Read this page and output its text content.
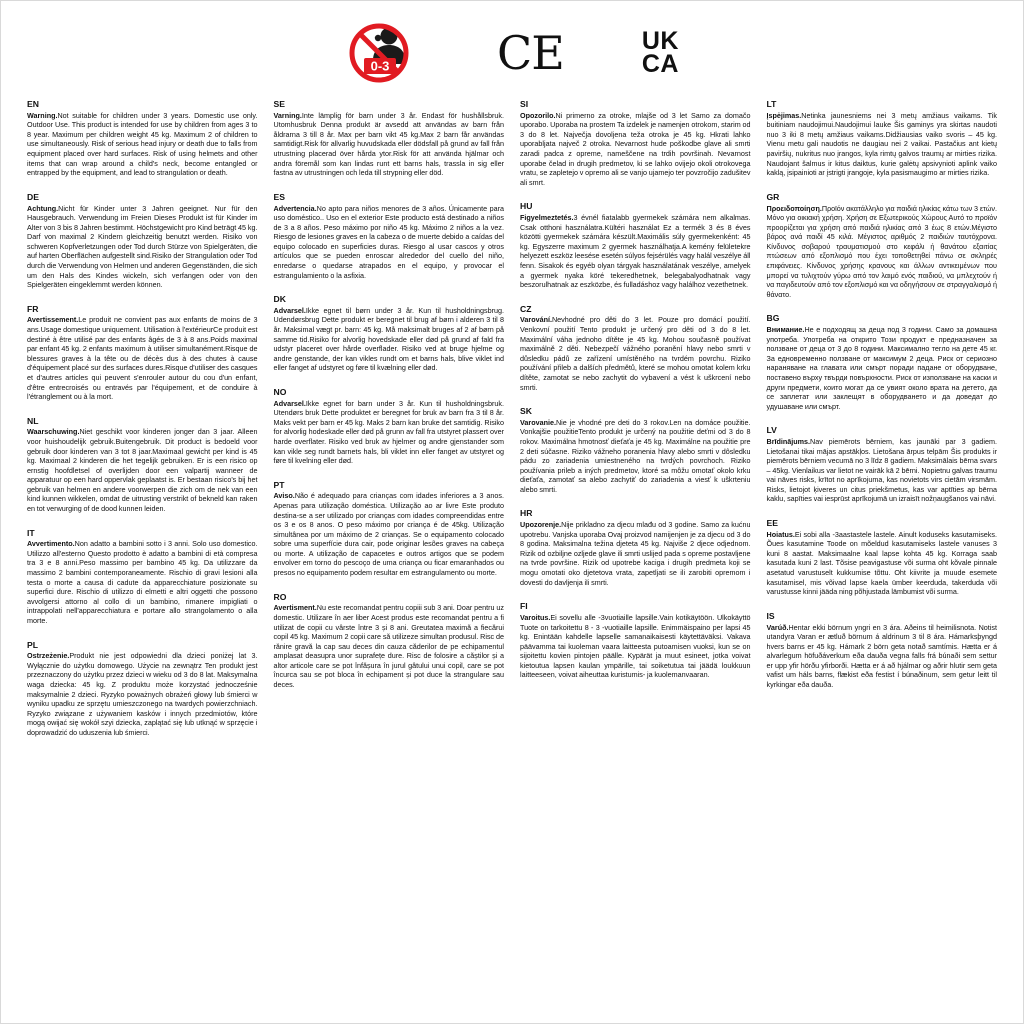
0-3 CE	UK
CA
EN

Warning.Not suitable for children under 3 years. Domestic use only. Outdoor Use. This product is intended for use by children from ages 3 to 8 year. Maximum per children weight 45 kg. Maximum 2 of children to use simultaneously. Risk of serious head injury or death due to falls from equipment placed over hard surfaces. Risk of using helmets and other items that can wrap around a child's neck, become entangled or entrapped by the equipment, and lead to strangulation or death.

DE

Achtung.Nicht für Kinder unter 3 Jahren geeignet. Nur für den Hausgebrauch. Verwendung im Freien Dieses Produkt ist für Kinder im Alter von 3 bis 8 Jahren bestimmt. Höchstgewicht pro Kind beträgt 45 kg. Darf von maximal 2 Kindern gleichzeitig benutzt werden. Risiko von schweren Kopfverletzungen oder Tod durch Stürze von Spielgeräten, die auf harten Oberflächen aufgestellt sind.Risiko der Strangulation oder Tod durch die Verwendung von Helmen und anderen Gegenständen, die sich um den Hals des Kindes wickeln, sich verfangen oder von den Spielgeräten eingeklemmt werden können.

FR

Avertissement.Le produit ne convient pas aux enfants de moins de 3 ans.Usage domestique uniquement. Utilisation à l'extérieurCe produit est destiné à être utilisé par des enfants âgés de 3 à 8 ans.Poids maximal par enfant 45 kg. 2 enfants maximum à utiliser simultanément.Risque de blessures graves à la tête ou de décès dus à des chutes à cause d'équipement placé sur des surfaces dures.Risque d'utiliser des casques et d'autres articles qui peuvent s'enrouler autour du cou d'un enfant, d'être entrecroisés ou entravés par l'équipement, et de conduire à l'étranglement ou à la mort.

NL

Waarschuwing.Niet geschikt voor kinderen jonger dan 3 jaar. Alleen voor huishoudelijk gebruik.Buitengebruik. Dit product is bedoeld voor gebruik door kinderen van 3 tot 8 jaar.Maximaal gewicht per kind is 45 kg. Maximaal 2 kinderen die het tegelijk gebruiken. Er is een risico op ernstig hoofdletsel of overlijden door een valpartij wanneer de apparatuur op een hard oppervlak geplaatst is. Er bestaan risico's bij het gebruik van helmen en andere voorwerpen die zich om de nek van een kind kunnen wikkelen, omdat de uitrusting verstrikt of bekneld kan raken en tot verwurging of de dood kunnen leiden.

IT

Avvertimento.Non adatto a bambini sotto i 3 anni. Solo uso domestico. Utilizzo all'esterno Questo prodotto è adatto a bambini di età compresa tra 3 e 8 anni.Peso massimo per bambino 45 kg. Da utilizzare da massimo 2 bambini contemporaneamente. Rischio di gravi lesioni alla testa o morte a causa di cadute da apparecchiature posizionate su superfici dure. Rischio di utilizzo di elmetti e altri oggetti che possono avvolgersi attorno al collo di un bambino, rimanere impigliati o intrappolati nell'apparecchiatura e portare allo strangolamento o alla morte.

PL

Ostrzeżenie.Produkt nie jest odpowiedni dla dzieci poniżej lat 3. Wyłącznie do użytku domowego. Użycie na zewnątrz Ten produkt jest przeznaczony do użytku przez dzieci w wieku od 3 do 8 lat. Maksymalna waga dziecka: 45 kg. Z produktu może korzystać jednocześnie maksymalnie 2 dzieci. Ryzyko poważnych obrażeń głowy lub śmierci w wyniku upadku ze sprzętu umieszczonego na twardych powierzchniach. Ryzyko związane z używaniem kasków i innych przedmiotów, które mogą owijać się wokół szyi dziecka, zaplątać się lub utknąć w sprzęcie i doprowadzić do uduszenia lub śmierci.

SE

Varning.Inte lämplig för barn under 3 år. Endast för hushållsbruk. Utomhusbruk Denna produkt är avsedd att användas av barn från åldrarna 3 till 8 år. Max per barn vikt 45 kg.Max 2 barn får användas samtidigt.Risk för allvarlig huvudskada eller dödsfall på grund av fall från utrustning placerad över hårda ytor.Risk för att använda hjälmar och andra föremål som kan lindas runt ett barns hals, trassla in sig eller fastna av utrustningen och leda till strypning eller död.

ES

Advertencia.No apto para niños menores de 3 años. Únicamente para uso doméstico.. Uso en el exterior Este producto está destinado a niños de 3 a 8 años. Peso máximo por niño 45 kg. Máximo 2 niños a la vez. Riesgo de lesiones graves en la cabeza o de muerte debido a caídas del equipo colocado en superficies duras. Riesgo al usar cascos y otros artículos que se pueden enroscar alrededor del cuello del niño, enredarse o quedarse atrapados en el equipo, y provocar el estrangulamiento o la asfixia.

DK

Advarsel.Ikke egnet til børn under 3 år. Kun til husholdningsbrug. Udendørsbrug Dette produkt er beregnet til brug af børn i alderen 3 til 8 år. Maksimal vægt pr. barn: 45 kg. Må maksimalt bruges af 2 af børn på samme tid.Risiko for alvorlig hovedskade eller død på grund af fald fra udstyr placeret over hårde overflader. Risiko ved at bruge hjelme og andre genstande, der kan vikles rundt om et barns hals, blive viklet ind eller fanget af udstyret og føre til kvælning eller død.

NO

Advarsel.Ikke egnet for barn under 3 år. Kun til husholdningsbruk. Utendørs bruk Dette produktet er beregnet for bruk av barn fra 3 til 8 år. Maks vekt per barn er 45 kg. Maks 2 barn kan bruke det samtidig. Risiko for alvorlig hodeskade eller død på grunn av fall fra utstyret plassert over harde overflater. Risiko ved bruk av hjelmer og andre gjenstander som kan vikle seg rundt barnets hals, bli viklet inn eller fanget av utstyret og føre til kvelning eller død.

PT

Aviso.Não é adequado para crianças com idades inferiores a 3 anos. Apenas para utilização doméstica. Utilização ao ar livre Este produto destina-se a ser utilizado por crianças com idades compreendidas entre os 3 e os 8 anos. O peso máximo por criança é de 45kg. Utilização simultânea por um máximo de 2 crianças. Se o equipamento colocado sobre uma superfície dura cair, pode originar lesões graves na cabeça ou morte. A utilização de capacetes e outros artigos que se podem envolver em torno do pescoço de uma criança ou ficar emaranhados ou presos no equipamento podem resultar em estrangulamento ou morte.

RO

Avertisment.Nu este recomandat pentru copiii sub 3 ani. Doar pentru uz domestic. Utilizare în aer liber Acest produs este recomandat pentru a fi utilizat de copii cu vârste între 3 și 8 ani. Greutatea maximă a fiecărui copil 45 kg. Maximum 2 copii care să utilizeze simultan produsul. Risc de rănire gravă la cap sau deces din cauza căderilor de pe echipamentul amplasat deasupra unor suprafețe dure. Risc de folosire a căștilor și a altor articole care se pot înfășura în jurul gâtului unui copil, care se pot încurca sau se pot bloca în echipament și pot duce la strangulare sau deces.

SI

Opozorilo.Ni primerno za otroke, mlajše od 3 let Samo za domačo uporabo. Uporaba na prostem Ta izdelek je namenjen otrokom, starim od 3 do 8 let. Največja dovoljena teža otroka je 45 kg. Hkrati lahko uporabljata največ 2 otroka. Nevarnost hude poškodbe glave ali smrti zaradi padca z opreme, nameščene na trdih površinah. Nevarnost uporabe čelad in drugih predmetov, ki se lahko ovijejo okoli otrokovega vratu, se zapletejo v opremo ali se vanjo ujamejo ter povzročijo zadušitev ali smrt.

HU

Figyelmeztetés.3 évnél fiatalabb gyermekek számára nem alkalmas. Csak otthoni használatra.Kültéri használat Ez a termék 3 és 8 éves közötti gyermekek számára készült.Maximális súly gyermekenként: 45 kg. Egyszerre maximum 2 gyermek használhatja.A kemény felületekre helyezett eszköz leesése esetén súlyos fejsérülés vagy halál veszélye áll fenn. Sisakok és egyéb olyan tárgyak használatának veszélye, amelyek a gyermek nyaka köré tekeredhetnek, belegabalyodhatnak vagy beszorulhatnak az eszközbe, és fulladáshoz vagy halálhoz vezethetnek.

CZ

Varování.Nevhodné pro děti do 3 let. Pouze pro domácí použití. Venkovní použití Tento produkt je určený pro děti od 3 do 8 let. Maximální váha jednoho dítěte je 45 kg. Mohou současně používat maximálně 2 děti. Nebezpečí vážného poranění hlavy nebo smrti v důsledku pádů ze zařízení umístěného na tvrdém povrchu. Riziko používání přileb a dalších předmětů, které se mohou omotat kolem krku dítěte, zamotat se nebo zachytit do vybavení a vést k uškrcení nebo smrti.

SK

Varovanie.Nie je vhodné pre deti do 3 rokov.Len na domáce použitie. Vonkajšie použitieTento produkt je určený na použitie deťmi od 3 do 8 rokov. Maximálna hmotnosť dieťaťa je 45 kg. Maximálne na použitie pre 2 deti súčasne. Riziko vážneho poranenia hlavy alebo smrti v dôsledku pádu zo zariadenia umiestneného na tvrdých povrchoch. Riziko používania prileb a iných predmetov, ktoré sa môžu omotať okolo krku dieťaťa, zamotať sa alebo zachytiť do zariadenia a viesť k uškrteniu alebo smrti.

HR

Upozorenje.Nije prikladno za djecu mlađu od 3 godine. Samo za kućnu upotrebu. Vanjska uporaba Ovaj proizvod namijenjen je za djecu od 3 do 8 godina. Maksimalna težina djeteta 45 kg. Najviše 2 djece odjednom. Rizik od ozbiljne ozljede glave ili smrti uslijed pada s opreme postavljene na tvrde površine. Rizik od upotrebe kaciga i drugih predmeta koji se mogu omotati oko djetetova vrata, zapetljati se ili zarobiti opremom i dovesti do davljenja ili smrti.

FI

Varoitus.Ei sovellu alle -3vuotiaille lapsille.Vain kotikäytöön. Ulkokäyttö Tuote on tarkoitettu 8 - 3 -vuotiaille lapsille. Enimmäispaino per lapsi 45 kg. Enintään kahdelle lapselle samanaikaisesti käytettäväksi. Vakava päävamma tai kuoleman vaara laitteesta putoamisen vuoksi, kun se on sijoitettu kovien pintojen päälle. Kypärät ja muut esineet, jotka voivat kietoutua lapsen kaulan ympärille, tai soiketutua tai jäädä loukkuun laitteeseen, voivat aiheuttaa kuristumis- ja kuolemanvaaran.

LT

Įspėjimas.Netinka jaunesniems nei 3 metų amžiaus vaikams. Tik buitiniam naudojimui.Naudojimui lauke Šis gaminys yra skirtas naudoti nuo 3 iki 8 metų amžiaus vaikams.Didžiausias vaiko svoris – 45 kg. Vienu metu gali naudotis ne daugiau nei 2 vaikai. Pastačius ant kietų paviršių, nukritus nuo įrangos, kyla rimtų galvos traumų ar mirties rizika. Naudojant šalmus ir kitus daiktus, kurie galėtų apsivynioti aplink vaiko kaklą, įsipainioti ar įstrigti įrangoje, kyla pasismaugimo ar mirties rizika.

GR

Προειδοποίηση.Προϊόν ακατάλληλο για παιδιά ηλικίας κάτω των 3 ετών. Μόνο για οικιακή χρήση. Χρήση σε Εξωτερικούς Χώρους Αυτό το προϊόν προορίζεται για χρήση από παιδιά ηλικίας από 3 έως 8 ετών.Μέγιστο βάρος ανά παιδί 45 κιλά. Μέγιστος αριθμός 2 παιδιών ταυτόχρονα. Κίνδυνος σοβαρού τραυματισμού στο κεφάλι ή θανάτου εξαιτίας πτώσεων από εξοπλισμό που έχει τοποθετηθεί πάνω σε σκληρές επιφάνειες. Κίνδυνος χρήσης κρανους και άλλων αντικειμένων που μπορεί να τυλιχτούν γύρω από τον λαιμό ενός παιδιού, να μπλεχτούν ή να παγιδευτούν από τον εξοπλισμό και να οδηγήσουν σε στραγγαλισμό ή θάνατο.

BG

Внимание.Не е подходящ за деца под 3 години. Само за домашна употреба. Употреба на открито Този продукт е предназначен за ползване от деца от 3 до 8 години. Максимално тегло на дете 45 кг. За едновременно ползване от максимум 2 деца. Риск от сериозно нараняване на главата или смърт поради падане от оборудване, поставено върху твърди повърхности. Риск от използване на каски и други предмети, които могат да се увият около врата на детето, да се заплетат или заклещят в оборудването и да доведат до удушаване или смърт.

LV

Brīdinājums.Nav piemērots bērniem, kas jaunāki par 3 gadiem. Lietošanai tikai mājas apstākļos. Lietošana ārpus telpām Šis produkts ir piemērots bērniem vecumā no 3 līdz 8 gadiem. Maksimālais bērna svars – 45kg. Vienlaikus var lietot ne vairāk kā 2 bērni. Nopietnu galvas traumu vai nāves risks, krītot no aprīkojuma, kas novietots virs cietām virsmām. Risks, lietojot ķiveres un citus priekšmetus, kas var aptīties ap bērna kaklu, sapīties vai iesprūst aprīkojumā un izraisīt nožņaugšanos vai nāvi.

EE

Hoiatus.Ei sobi alla -3aastastele lastele. Ainult koduseks kasutamiseks. Õues kasutamine Toode on mõeldud kasutamiseks lastele vanuses 3 kuni 8 aastat. Maksimaalne kaal lapse kohta 45 kg. Korraga saab kasutada kuni 2 last. Tõsise peavigastuse või surma oht kõvale pinnale asetatud varustuselt kukkumise tõttu. Oht kiivrite ja muude esemete kasutamisel, mis võivad lapse kaela ümber keerduda, takerduda või varustusse kinni jääda ning põhjustada lämbumist või surma.

IS

Varúð.Hentar ekki börnum yngri en 3 ára. Aðeins til heimilisnota. Notist utandyra Varan er ætluð börnum á aldrinum 3 til 8 ára. Hámarksþyngd hvers barns er 45 kg. Hámark 2 börn geta notað samtímis. Hætta er á alvarlegum höfuðáverkum eða dauða vegna falls frá búnaði sem settur er upp yfir hörðu yfirborði. Hætta er á að hjálmar og aðrir hlutir sem geta vafist um háls barns, flækist eða festist í búnaðinum, sem getur leitt til kyrkingar eða dauða.
